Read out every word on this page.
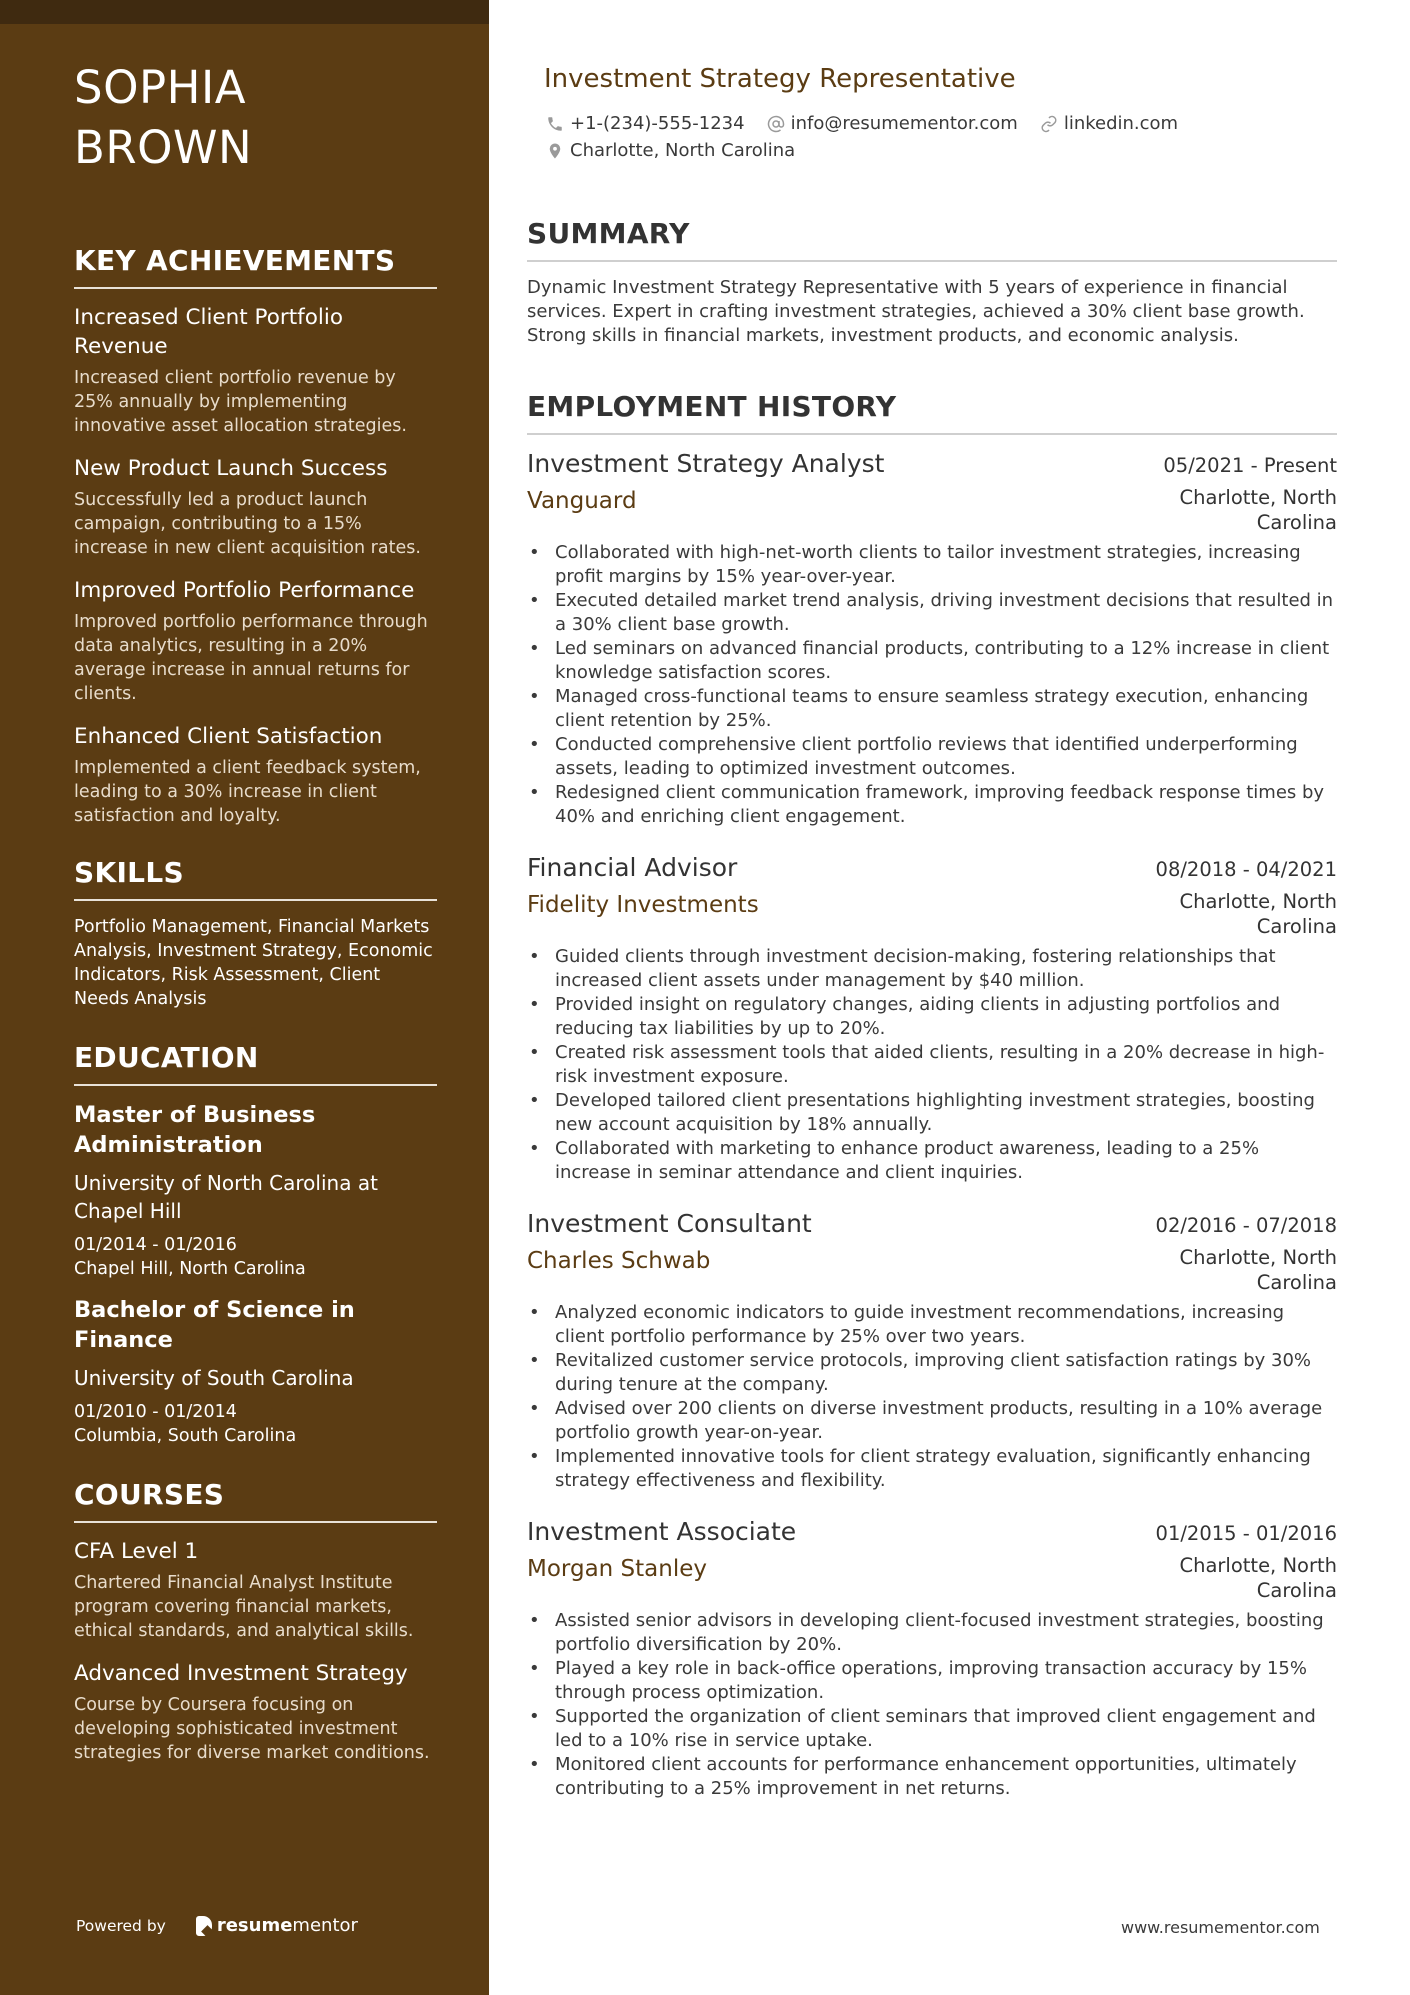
SOPHIA BROWN
KEY ACHIEVEMENTS
Increased Client Portfolio Revenue
Increased client portfolio revenue by 25% annually by implementing innovative asset allocation strategies.
New Product Launch Success
Successfully led a product launch campaign, contributing to a 15% increase in new client acquisition rates.
Improved Portfolio Performance
Improved portfolio performance through data analytics, resulting in a 20% average increase in annual returns for clients.
Enhanced Client Satisfaction
Implemented a client feedback system, leading to a 30% increase in client satisfaction and loyalty.
SKILLS
Portfolio Management, Financial Markets Analysis, Investment Strategy, Economic Indicators, Risk Assessment, Client Needs Analysis
EDUCATION
Master of Business Administration
University of North Carolina at Chapel Hill
01/2014 - 01/2016
Chapel Hill, North Carolina
Bachelor of Science in Finance
University of South Carolina
01/2010 - 01/2014
Columbia, South Carolina
COURSES
CFA Level 1
Chartered Financial Analyst Institute program covering financial markets, ethical standards, and analytical skills.
Advanced Investment Strategy
Course by Coursera focusing on developing sophisticated investment strategies for diverse market conditions.
Powered by	resumementor
Investment Strategy Representative
+1-(234)-555-1234	info@resumementor.com	linkedin.com
Charlotte, North Carolina
SUMMARY

Dynamic Investment Strategy Representative with 5 years of experience in financial services. Expert in crafting investment strategies, achieved a 30% client base growth. Strong skills in financial markets, investment products, and economic analysis.

EMPLOYMENT HISTORY
Investment Strategy Analyst	05/2021 - Present
Vanguard	Charlotte, North Carolina
• Collaborated with high-net-worth clients to tailor investment strategies, increasing profit margins by 15% year-over-year.
• Executed detailed market trend analysis, driving investment decisions that resulted in a 30% client base growth.
• Led seminars on advanced financial products, contributing to a 12% increase in client knowledge satisfaction scores.
• Managed cross-functional teams to ensure seamless strategy execution, enhancing client retention by 25%.
• Conducted comprehensive client portfolio reviews that identified underperforming assets, leading to optimized investment outcomes.
• Redesigned client communication framework, improving feedback response times by 40% and enriching client engagement.
Financial Advisor	08/2018 - 04/2021
Fidelity Investments	Charlotte, North Carolina
• Guided clients through investment decision-making, fostering relationships that increased client assets under management by $40 million.
• Provided insight on regulatory changes, aiding clients in adjusting portfolios and reducing tax liabilities by up to 20%.
• Created risk assessment tools that aided clients, resulting in a 20% decrease in high-risk investment exposure.
• Developed tailored client presentations highlighting investment strategies, boosting new account acquisition by 18% annually.
• Collaborated with marketing to enhance product awareness, leading to a 25% increase in seminar attendance and client inquiries.
Investment Consultant	02/2016 - 07/2018
Charles Schwab	Charlotte, North Carolina
• Analyzed economic indicators to guide investment recommendations, increasing client portfolio performance by 25% over two years.
• Revitalized customer service protocols, improving client satisfaction ratings by 30% during tenure at the company.
• Advised over 200 clients on diverse investment products, resulting in a 10% average portfolio growth year-on-year.
• Implemented innovative tools for client strategy evaluation, significantly enhancing strategy effectiveness and flexibility.
Investment Associate	01/2015 - 01/2016
Morgan Stanley	Charlotte, North Carolina
• Assisted senior advisors in developing client-focused investment strategies, boosting portfolio diversification by 20%.
• Played a key role in back-office operations, improving transaction accuracy by 15% through process optimization.
• Supported the organization of client seminars that improved client engagement and led to a 10% rise in service uptake.
• Monitored client accounts for performance enhancement opportunities, ultimately contributing to a 25% improvement in net returns.
www.resumementor.com
